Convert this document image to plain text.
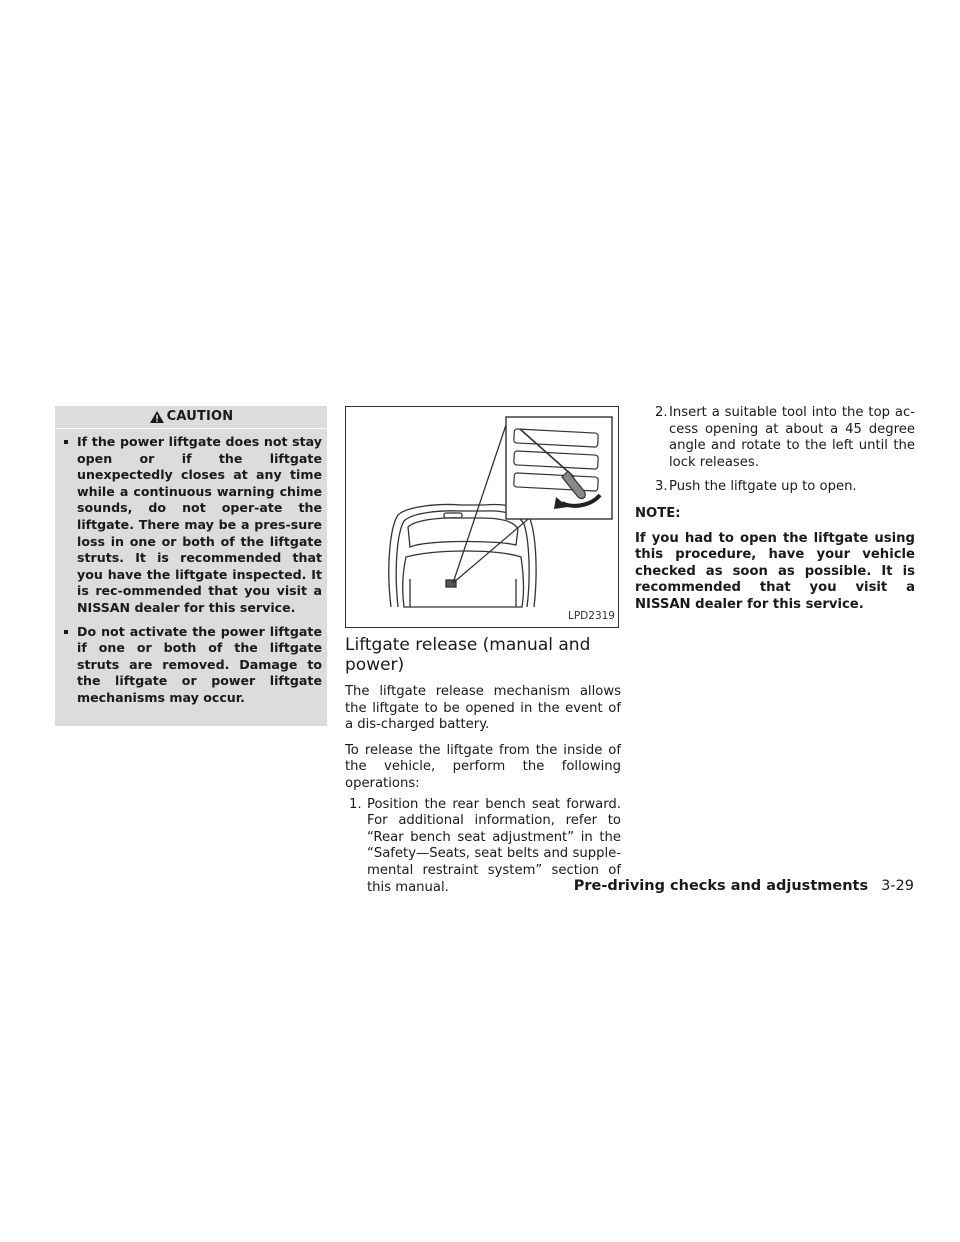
CAUTION
If the power liftgate does not stay open or if the liftgate unexpectedly closes at any time while a continuous warning chime sounds, do not oper-ate the liftgate. There may be a pres-sure loss in one or both of the liftgate struts. It is recommended that you have the liftgate inspected. It is rec-ommended that you visit a NISSAN dealer for this service.
Do not activate the power liftgate if one or both of the liftgate struts are removed. Damage to the liftgate or power liftgate mechanisms may occur.
LPD2319
Liftgate release (manual and power)

The liftgate release mechanism allows the liftgate to be opened in the event of a dis-charged battery.

To release the liftgate from the inside of the vehicle, perform the following operations:

1. Position the rear bench seat forward. For additional information, refer to “Rear bench seat adjustment” in the “Safety—Seats, seat belts and supple-mental restraint system” section of this manual.
2. Insert a suitable tool into the top ac-cess opening at about a 45 degree angle and rotate to the left until the lock releases.
3. Push the liftgate up to open.
NOTE:
If you had to open the liftgate using this procedure, have your vehicle checked as soon as possible. It is recommended that you visit a NISSAN dealer for this service.
Pre-driving checks and adjustments 3-29
